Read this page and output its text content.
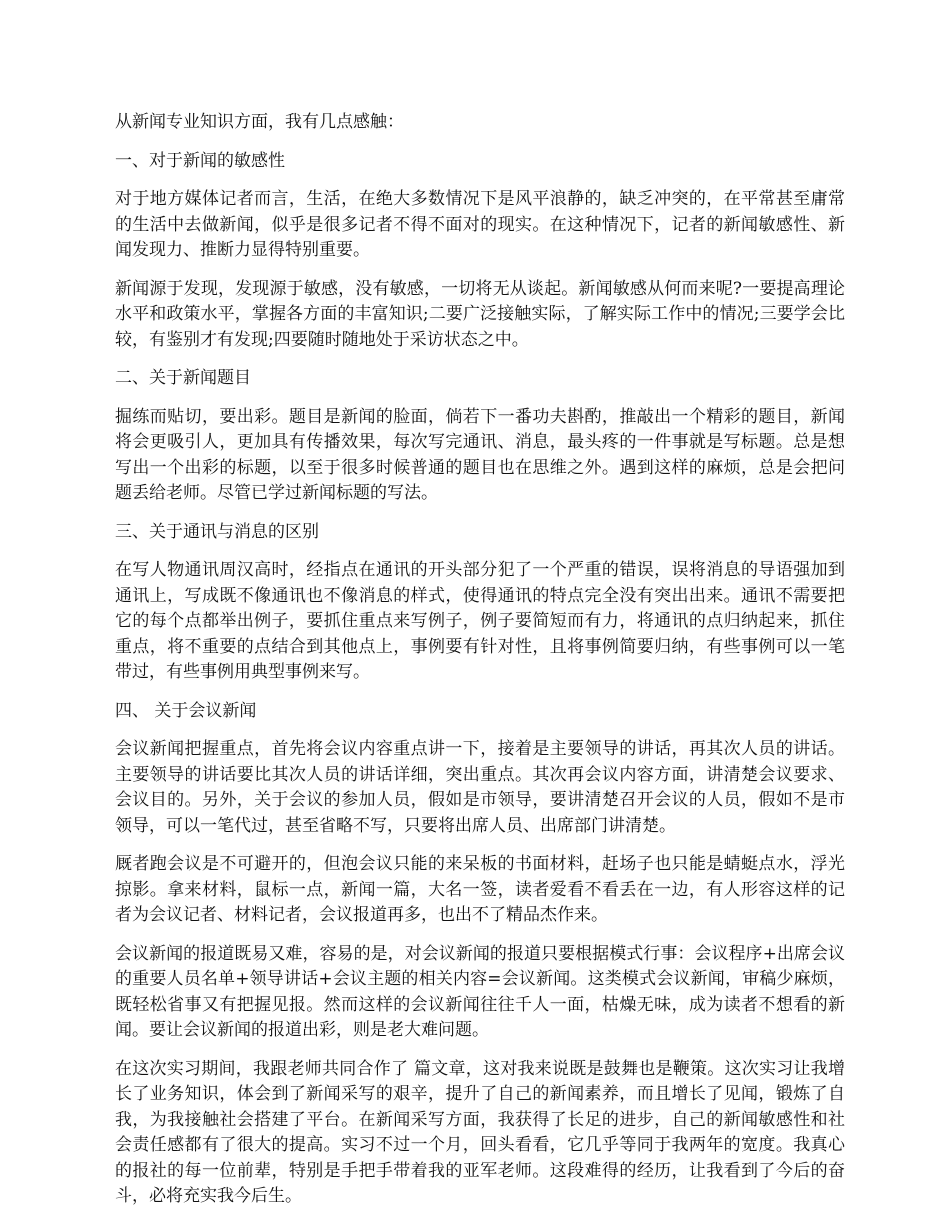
从新闻专业知识方面，我有几点感触：

一、对于新闻的敏感性

对于地方媒体记者而言，生活，在绝大多数情况下是风平浪静的，缺乏冲突的，在平常甚至庸常的生活中去做新闻，似乎是很多记者不得不面对的现实。在这种情况下，记者的新闻敏感性、新闻发现力、推断力显得特别重要。

新闻源于发现，发现源于敏感，没有敏感，一切将无从谈起。新闻敏感从何而来呢?一要提高理论水平和政策水平，掌握各方面的丰富知识;二要广泛接触实际，了解实际工作中的情况;三要学会比较，有鉴别才有发现;四要随时随地处于采访状态之中。

二、关于新闻题目

掘练而贴切，要出彩。题目是新闻的脸面，倘若下一番功夫斟酌，推敲出一个精彩的题目，新闻将会更吸引人，更加具有传播效果，每次写完通讯、消息，最头疼的一件事就是写标题。总是想写出一个出彩的标题，以至于很多时候普通的题目也在思维之外。遇到这样的麻烦，总是会把问题丢给老师。尽管已学过新闻标题的写法。

三、关于通讯与消息的区别

在写人物通讯周汉高时，经指点在通讯的开头部分犯了一个严重的错误，误将消息的导语强加到通讯上，写成既不像通讯也不像消息的样式，使得通讯的特点完全没有突出出来。通讯不需要把它的每个点都举出例子，要抓住重点来写例子，例子要简短而有力，将通讯的点归纳起来，抓住重点，将不重要的点结合到其他点上，事例要有针对性，且将事例简要归纳，有些事例可以一笔带过，有些事例用典型事例来写。

四、 关于会议新闻

会议新闻把握重点，首先将会议内容重点讲一下，接着是主要领导的讲话，再其次人员的讲话。主要领导的讲话要比其次人员的讲话详细，突出重点。其次再会议内容方面，讲清楚会议要求、会议目的。另外，关于会议的参加人员，假如是市领导，要讲清楚召开会议的人员，假如不是市领导，可以一笔代过，甚至省略不写，只要将出席人员、出席部门讲清楚。

厩者跑会议是不可避开的，但泡会议只能的来呆板的书面材料，赶场子也只能是蜻蜓点水，浮光掠影。拿来材料，鼠标一点，新闻一篇，大名一签，读者爱看不看丢在一边，有人形容这样的记者为会议记者、材料记者，会议报道再多，也出不了精品杰作来。

会议新闻的报道既易又难，容易的是，对会议新闻的报道只要根据模式行事：会议程序+出席会议的重要人员名单+领导讲话+会议主题的相关内容=会议新闻。这类模式会议新闻，审稿少麻烦，既轻松省事又有把握见报。然而这样的会议新闻往往千人一面，枯燥无味，成为读者不想看的新闻。要让会议新闻的报道出彩，则是老大难问题。

在这次实习期间，我跟老师共同合作了 篇文章，这对我来说既是鼓舞也是鞭策。这次实习让我增长了业务知识，体会到了新闻采写的艰辛，提升了自己的新闻素养，而且增长了见闻，锻炼了自我，为我接触社会搭建了平台。在新闻采写方面，我获得了长足的进步，自己的新闻敏感性和社会责任感都有了很大的提高。实习不过一个月，回头看看，它几乎等同于我两年的宽度。我真心的报社的每一位前辈，特别是手把手带着我的亚军老师。这段难得的经历，让我看到了今后的奋斗，必将充实我今后生。
